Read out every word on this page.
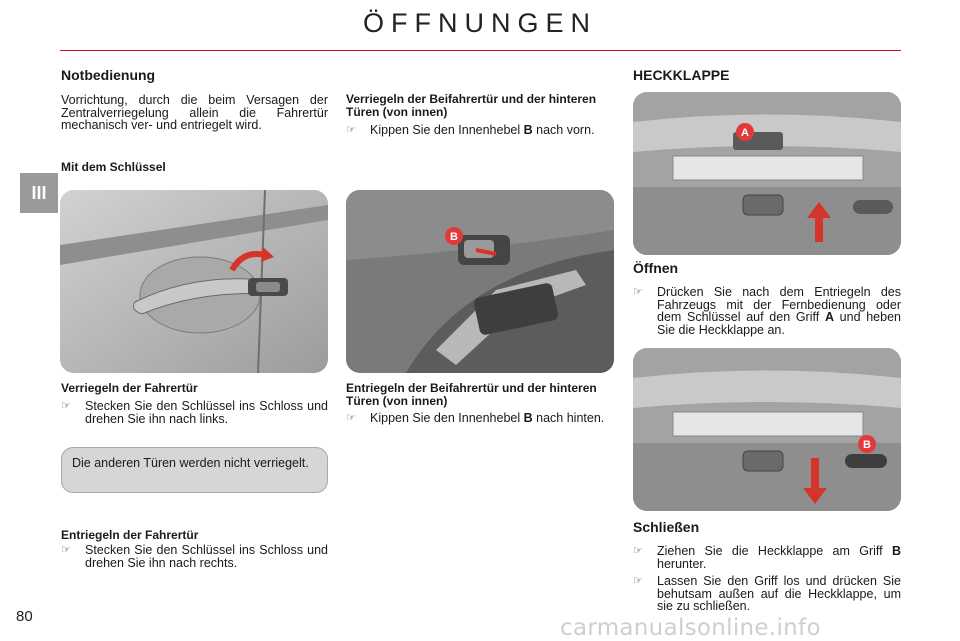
ÖFFNUNGEN
III
Notbedienung
Vorrichtung, durch die beim Versagen der Zentralverriegelung allein die Fahrertür mechanisch ver- und entriegelt wird.
Mit dem Schlüssel
Verriegeln der Fahrertür
☞ Stecken Sie den Schlüssel ins Schloss und drehen Sie ihn nach links.
Die anderen Türen werden nicht verriegelt.
Entriegeln der Fahrertür
☞ Stecken Sie den Schlüssel ins Schloss und drehen Sie ihn nach rechts.
Verriegeln der Beifahrertür und der hinteren Türen (von innen)
☞ Kippen Sie den Innenhebel B nach vorn.
B
Entriegeln der Beifahrertür und der hinteren Türen (von innen)
☞ Kippen Sie den Innenhebel B nach hinten.
HECKKLAPPE
A
Öffnen
☞ Drücken Sie nach dem Entriegeln des Fahrzeugs mit der Fernbedienung oder dem Schlüssel auf den Griff A und heben Sie die Heckklappe an.
B
Schließen
☞ Ziehen Sie die Heckklappe am Griff B herunter.
☞ Lassen Sie den Griff los und drücken Sie behutsam außen auf die Heckklappe, um sie zu schließen.
80	carmanualsonline.info
